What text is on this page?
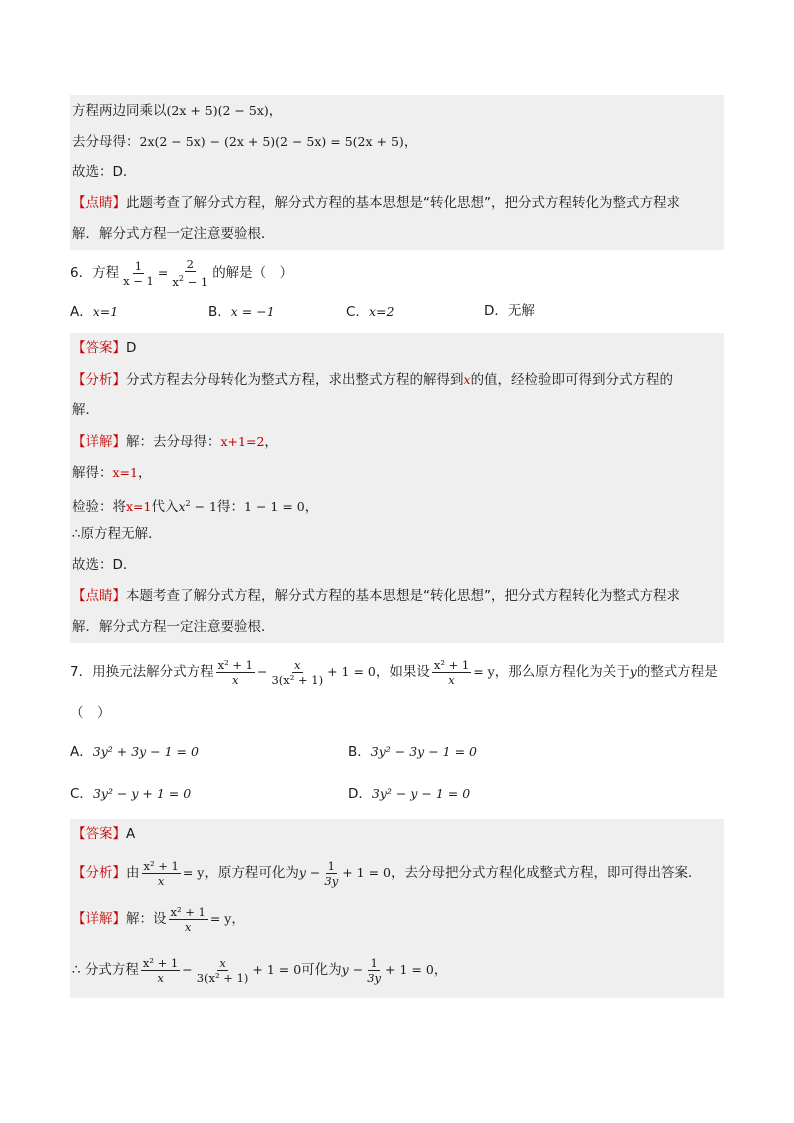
方程两边同乘以(2x + 5)(2 − 5x)，
去分母得：2x(2 − 5x) − (2x + 5)(2 − 5x) = 5(2x + 5)，
故选：D．
【点睛】此题考查了解分式方程，解分式方程的基本思想是“转化思想”，把分式方程转化为整式方程求
解．解分式方程一定注意要验根．
6．方程 $\frac{1}{x - 1} = \frac{2}{x^2 - 1}$ 的解是（　）
A．x=1	B．x = −1	C．x=2	D．无解
【答案】D
【分析】分式方程去分母转化为整式方程，求出整式方程的解得到x的值，经检验即可得到分式方程的
解．
【详解】解：去分母得：x+1=2，
解得：x=1，
检验：将x=1代入$x^2 - 1$得：1 − 1 = 0，
∴原方程无解．
故选：D．
【点睛】本题考查了解分式方程，解分式方程的基本思想是“转化思想”，把分式方程转化为整式方程求
解．解分式方程一定注意要验根．
7．用换元法解分式方程 $\frac{\text{x² + 1}}{x} - \frac{x}{\text{3(x² + 1)}} + 1 = 0$，如果设 $\frac{\text{x² + 1}}{x} = y$，那么原方程化为关于y的整式方程是
（　）
A．3y² + 3y − 1 = 0	B．3y² − 3y − 1 = 0
C．3y² − y + 1 = 0	D．3y² − y − 1 = 0
【答案】A
【分析】由 $\frac{\text{x² + 1}}{x} = y$，原方程可化为$y - \frac{1}{3y} + 1 = 0$，去分母把分式方程化成整式方程，即可得出答案．
【详解】解：设 $\frac{\text{x² + 1}}{x} = y$，
∴ 分式方程 $\frac{\text{x² + 1}}{x} - \frac{x}{\text{3(x² + 1)}} + 1 = 0$可化为$y - \frac{1}{3y} + 1 = 0$，
